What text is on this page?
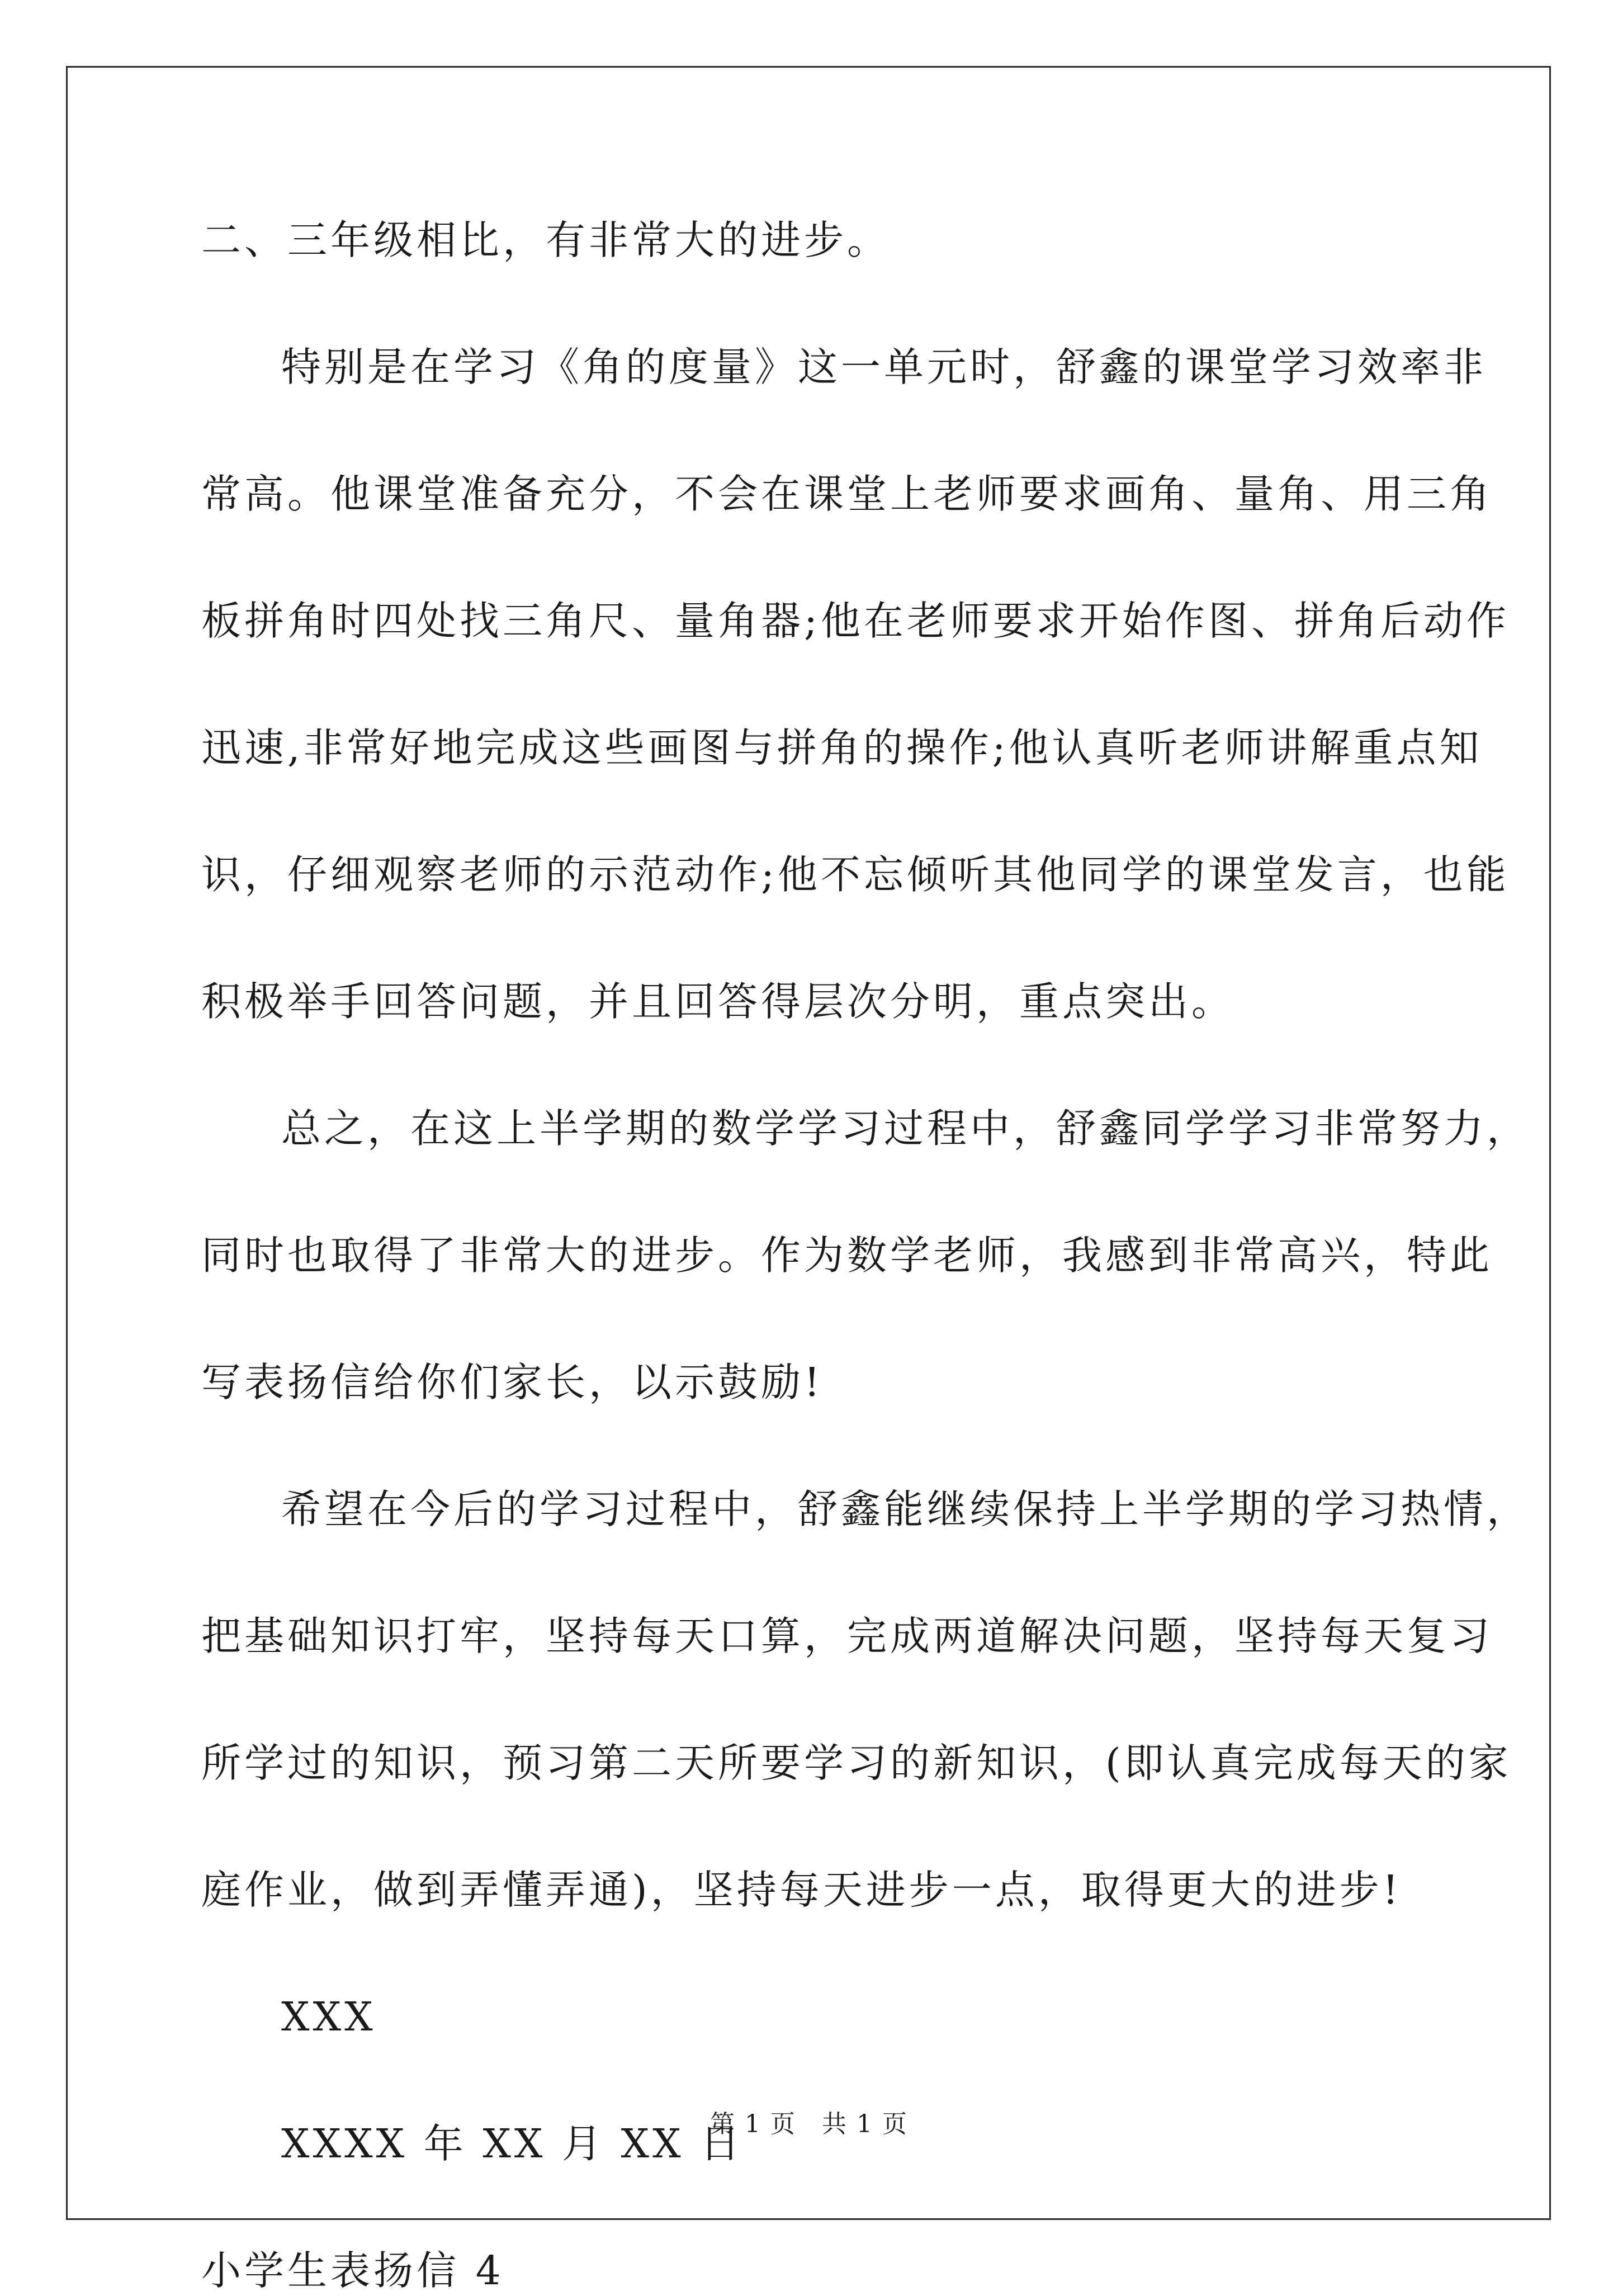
二、三年级相比，有非常大的进步。
特别是在学习《角的度量》这一单元时，舒鑫的课堂学习效率非
常高。他课堂准备充分，不会在课堂上老师要求画角、量角、用三角
板拼角时四处找三角尺、量角器;他在老师要求开始作图、拼角后动作
迅速,非常好地完成这些画图与拼角的操作;他认真听老师讲解重点知
识，仔细观察老师的示范动作;他不忘倾听其他同学的课堂发言，也能
积极举手回答问题，并且回答得层次分明，重点突出。
总之，在这上半学期的数学学习过程中，舒鑫同学学习非常努力，
同时也取得了非常大的进步。作为数学老师，我感到非常高兴，特此
写表扬信给你们家长，以示鼓励!
希望在今后的学习过程中，舒鑫能继续保持上半学期的学习热情，
把基础知识打牢，坚持每天口算，完成两道解决问题，坚持每天复习
所学过的知识，预习第二天所要学习的新知识，(即认真完成每天的家
庭作业，做到弄懂弄通)，坚持每天进步一点，取得更大的进步!
XXX
XXXX 年 XX 月 XX 日
小学生表扬信 4
第 1 页　共 1 页
